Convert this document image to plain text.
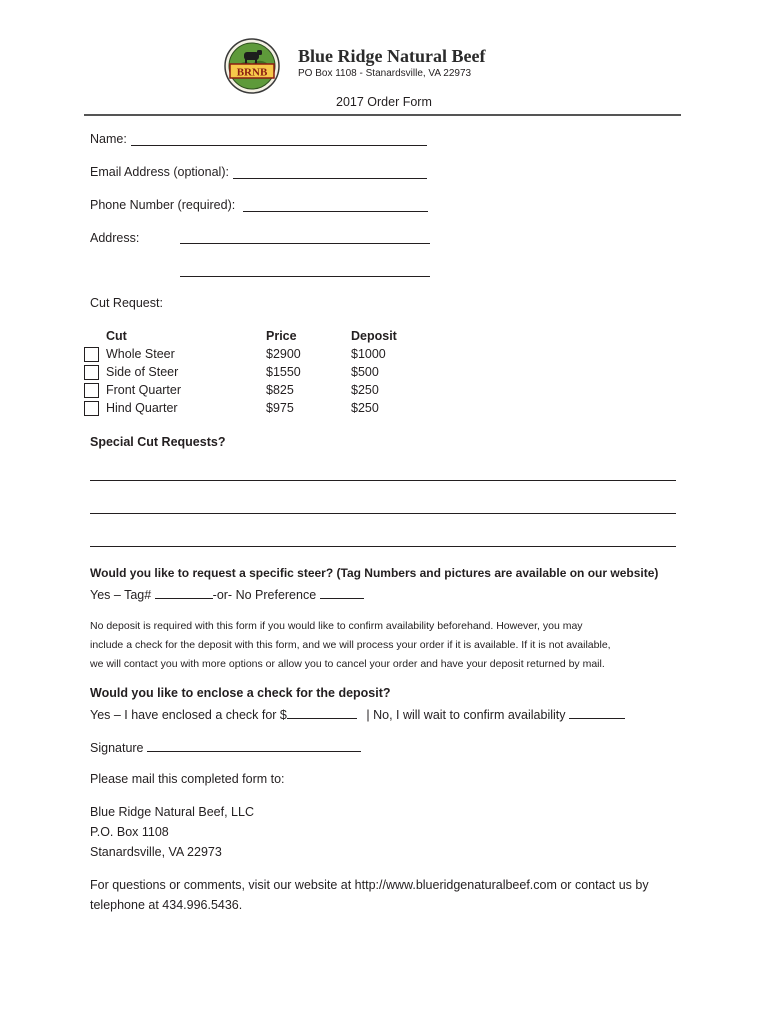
BRNB
Blue Ridge Natural Beef
PO Box 1108 - Stanardsville, VA 22973
2017 Order Form
Name:
Email Address (optional):
Phone Number (required):
Address:
Cut Request:
	Cut	Price	Deposit

	Whole Steer	$2900	$1000

	Side of Steer	$1550	$500

	Front Quarter	$825	$250

	Hind Quarter	$975	$250
Special Cut Requests?
Would you like to request a specific steer? (Tag Numbers and pictures are available on our website)
Yes – Tag#	-or- No Preference
No deposit is required with this form if you would like to confirm availability beforehand. However, you may
include a check for the deposit with this form, and we will process your order if it is available. If it is not available,
we will contact you with more options or allow you to cancel your order and have your deposit returned by mail.
Would you like to enclose a check for the deposit?
Yes – I have enclosed a check for $	| No, I will wait to confirm availability
Signature
Please mail this completed form to:
Blue Ridge Natural Beef, LLC
P.O. Box 1108
Stanardsville, VA 22973
For questions or comments, visit our website at http://www.blueridgenaturalbeef.com or contact us by
telephone at 434.996.5436.
